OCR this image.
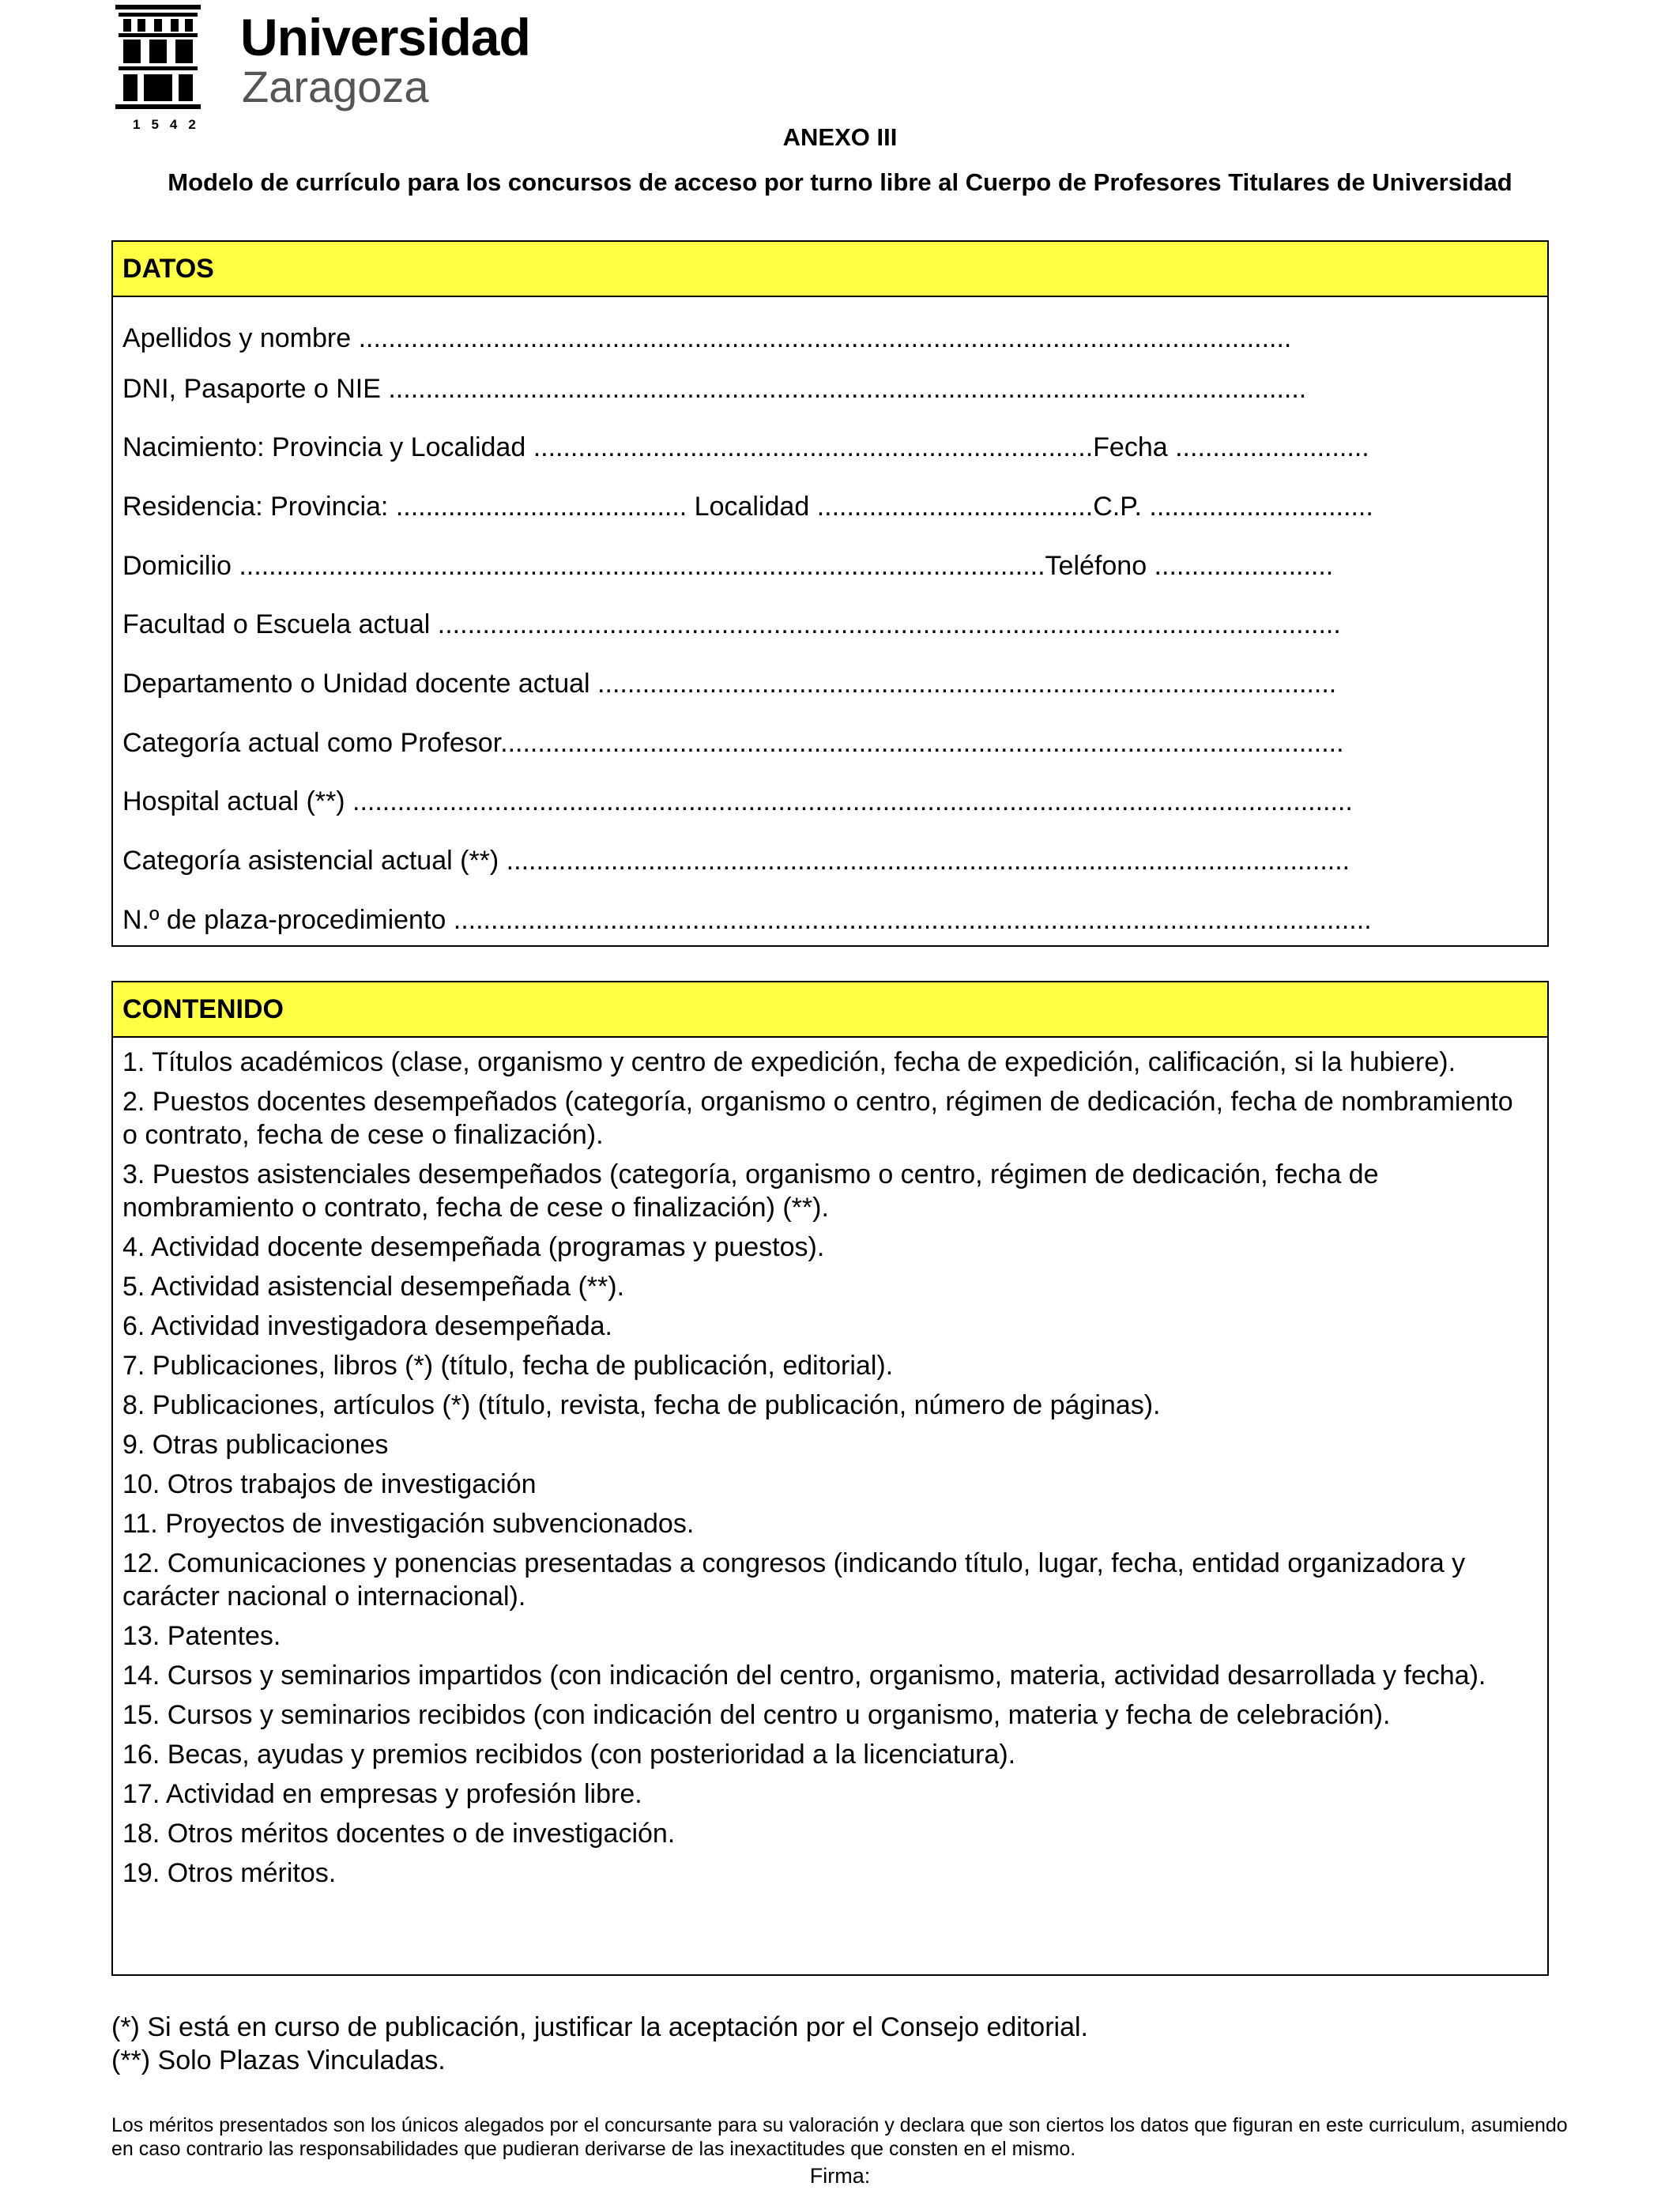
Universidad
Zaragoza
1542	ANEXO III
Modelo de currículo para los concursos de acceso por turno libre al Cuerpo de Profesores Titulares de Universidad
DATOS
Apellidos y nombre .............................................................................................................................
DNI, Pasaporte o NIE ...........................................................................................................................
Nacimiento: Provincia y Localidad ...........................................................................Fecha ..........................
Residencia: Provincia: ....................................... Localidad .....................................C.P. ..............................
Domicilio ............................................................................................................Teléfono ........................
Facultad o Escuela actual .........................................................................................................................
Departamento o Unidad docente actual ...................................................................................................
Categoría actual como Profesor.................................................................................................................
Hospital actual (**) ......................................................................................................................................
Categoría asistencial actual (**) .................................................................................................................
N.º de plaza-procedimiento ...........................................................................................................................
CONTENIDO

1. Títulos académicos (clase, organismo y centro de expedición, fecha de expedición, calificación, si la hubiere).

2. Puestos docentes desempeñados (categoría, organismo o centro, régimen de dedicación, fecha de nombramiento o contrato, fecha de cese o finalización).

3. Puestos asistenciales desempeñados (categoría, organismo o centro, régimen de dedicación, fecha de nombramiento o contrato, fecha de cese o finalización) (**).

4. Actividad docente desempeñada (programas y puestos).

5. Actividad asistencial desempeñada (**).

6. Actividad investigadora desempeñada.

7. Publicaciones, libros (*) (título, fecha de publicación, editorial).

8. Publicaciones, artículos (*) (título, revista, fecha de publicación, número de páginas).

9. Otras publicaciones

10. Otros trabajos de investigación

11. Proyectos de investigación subvencionados.

12. Comunicaciones y ponencias presentadas a congresos (indicando título, lugar, fecha, entidad organizadora y carácter nacional o internacional).

13. Patentes.

14. Cursos y seminarios impartidos (con indicación del centro, organismo, materia, actividad desarrollada y fecha).

15. Cursos y seminarios recibidos (con indicación del centro u organismo, materia y fecha de celebración).

16. Becas, ayudas y premios recibidos (con posterioridad a la licenciatura).

17. Actividad en empresas y profesión libre.

18. Otros méritos docentes o de investigación.

19. Otros méritos.

(*) Si está en curso de publicación, justificar la aceptación por el Consejo editorial.

(**) Solo Plazas Vinculadas.

Los méritos presentados son los únicos alegados por el concursante para su valoración y declara que son ciertos los datos que figuran en este curriculum, asumiendo en caso contrario las responsabilidades que pudieran derivarse de las inexactitudes que consten en el mismo.
Firma:
